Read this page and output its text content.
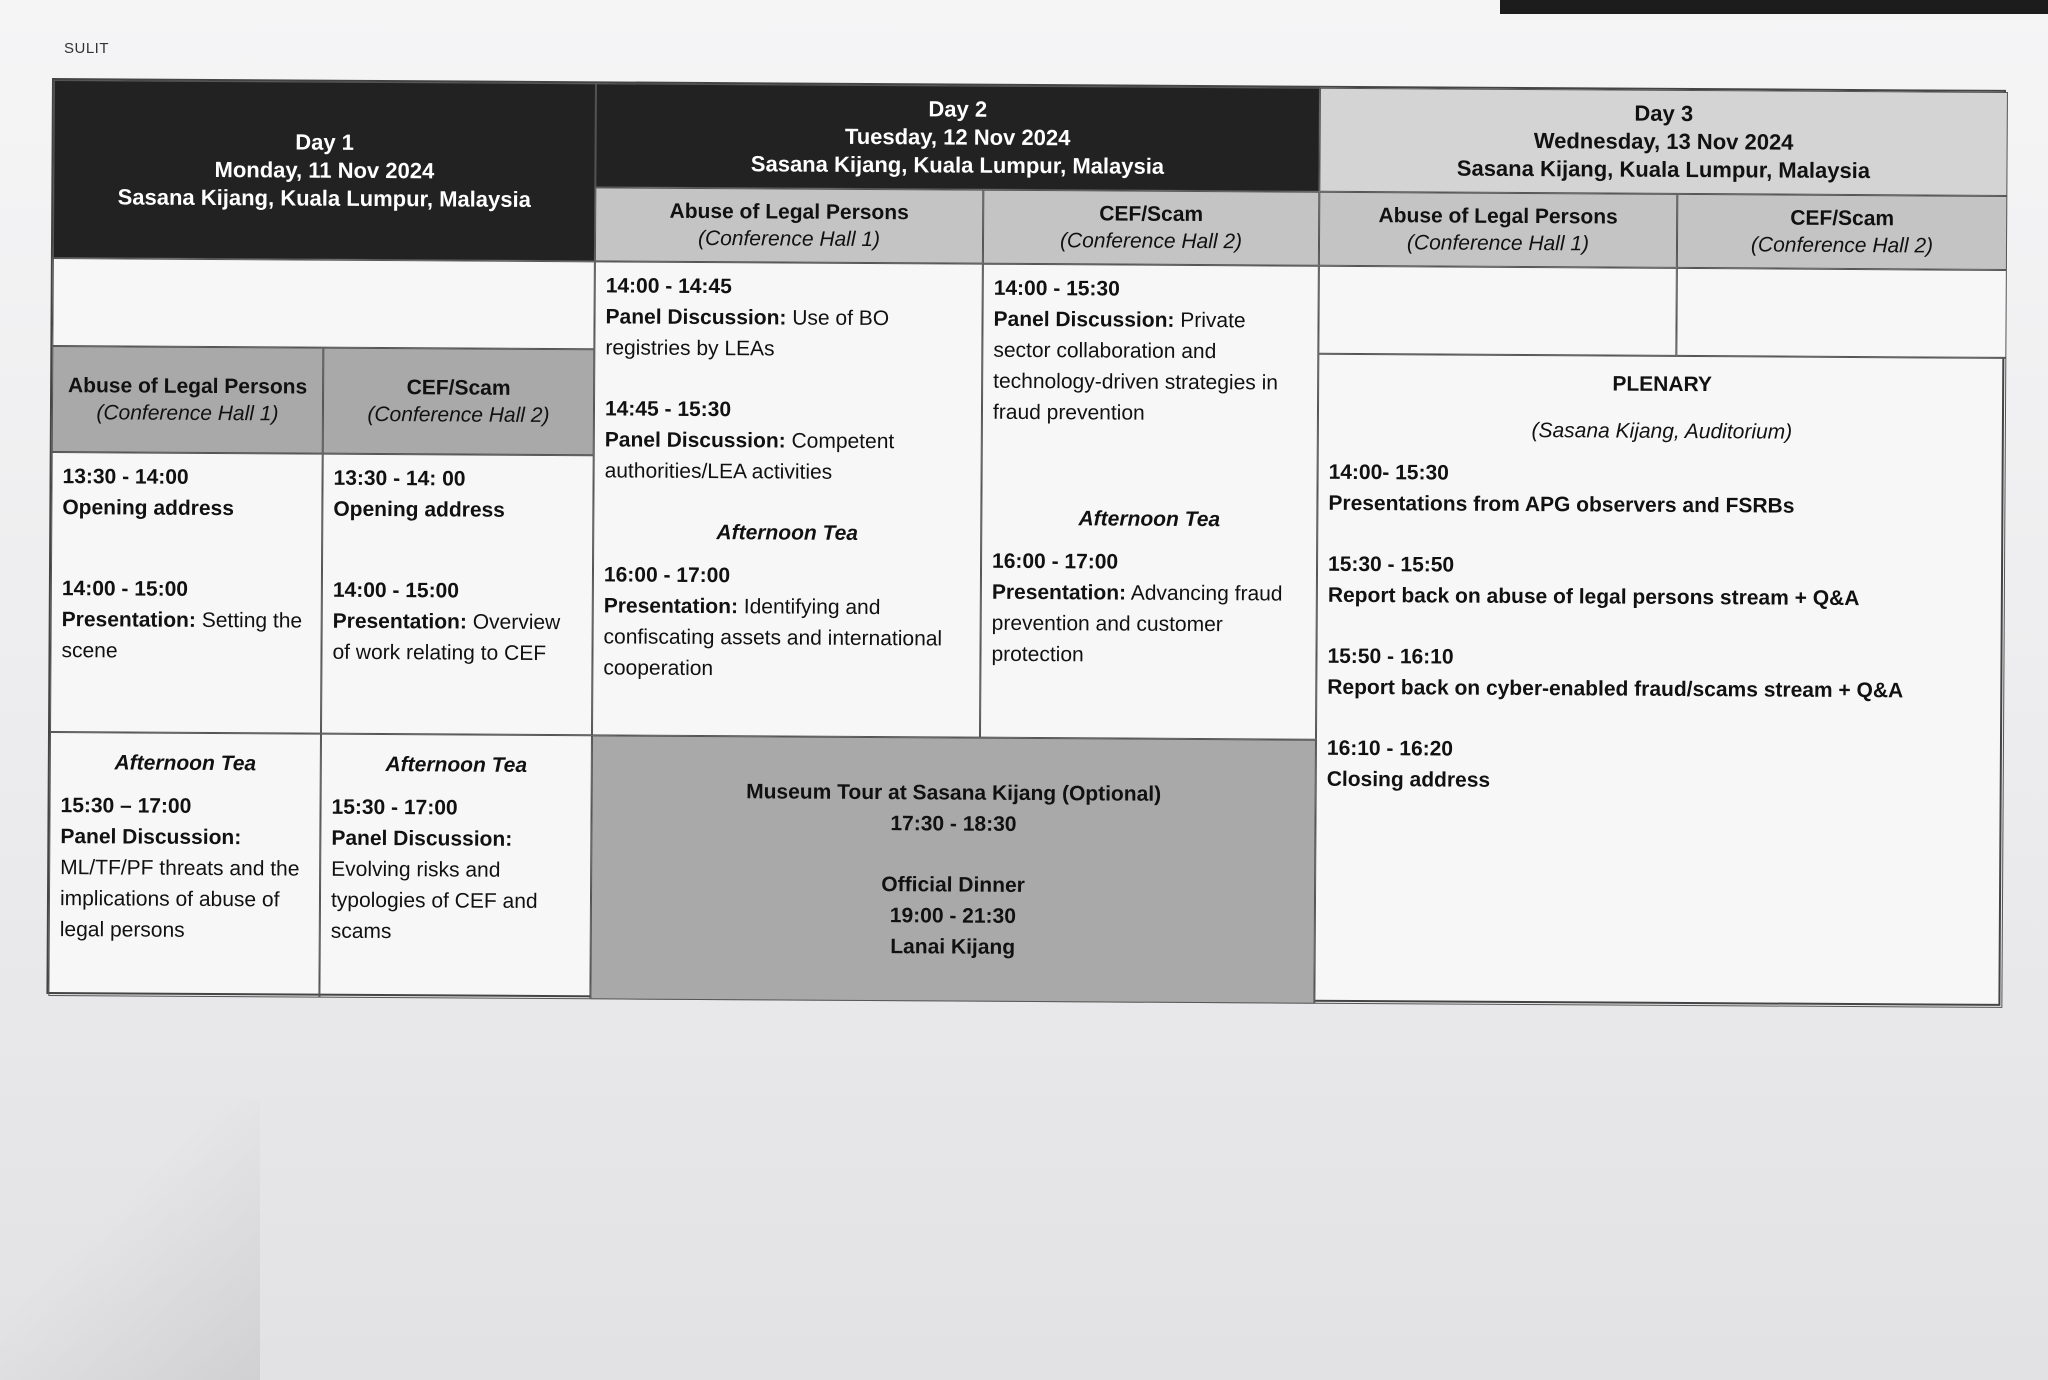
SULIT
Day 1
Monday, 11 Nov 2024
Sasana Kijang, Kuala Lumpur, Malaysia
Day 2
Tuesday, 12 Nov 2024
Sasana Kijang, Kuala Lumpur, Malaysia
Day 3
Wednesday, 13 Nov 2024
Sasana Kijang, Kuala Lumpur, Malaysia
Abuse of Legal Persons
(Conference Hall 1)
CEF/Scam
(Conference Hall 2)
Abuse of Legal Persons
(Conference Hall 1)
CEF/Scam
(Conference Hall 2)
14:00 - 14:45
Panel Discussion: Use of BO registries by LEAs
14:45 - 15:30
Panel Discussion: Competent authorities/LEA activities
Afternoon Tea
16:00 - 17:00
Presentation: Identifying and confiscating assets and international cooperation
14:00 - 15:30
Panel Discussion: Private sector collaboration and technology-driven strategies in fraud prevention
Afternoon Tea
16:00 - 17:00
Presentation: Advancing fraud prevention and customer protection
PLENARY
(Sasana Kijang, Auditorium)
14:00- 15:30
Presentations from APG observers and FSRBs
15:30 - 15:50
Report back on abuse of legal persons stream + Q&A
15:50 - 16:10
Report back on cyber-enabled fraud/scams stream + Q&A
16:10 - 16:20
Closing address
Abuse of Legal Persons
(Conference Hall 1)
CEF/Scam
(Conference Hall 2)
13:30 - 14:00
Opening address
14:00 - 15:00
Presentation: Setting the scene
13:30 - 14: 00
Opening address
14:00 - 15:00
Presentation: Overview of work relating to CEF
Afternoon Tea
15:30 – 17:00
Panel Discussion:
ML/TF/PF threats and the implications of abuse of legal persons
Afternoon Tea
15:30 - 17:00
Panel Discussion:
Evolving risks and typologies of CEF and scams
Museum Tour at Sasana Kijang (Optional)
17:30 - 18:30
Official Dinner
19:00 - 21:30
Lanai Kijang
